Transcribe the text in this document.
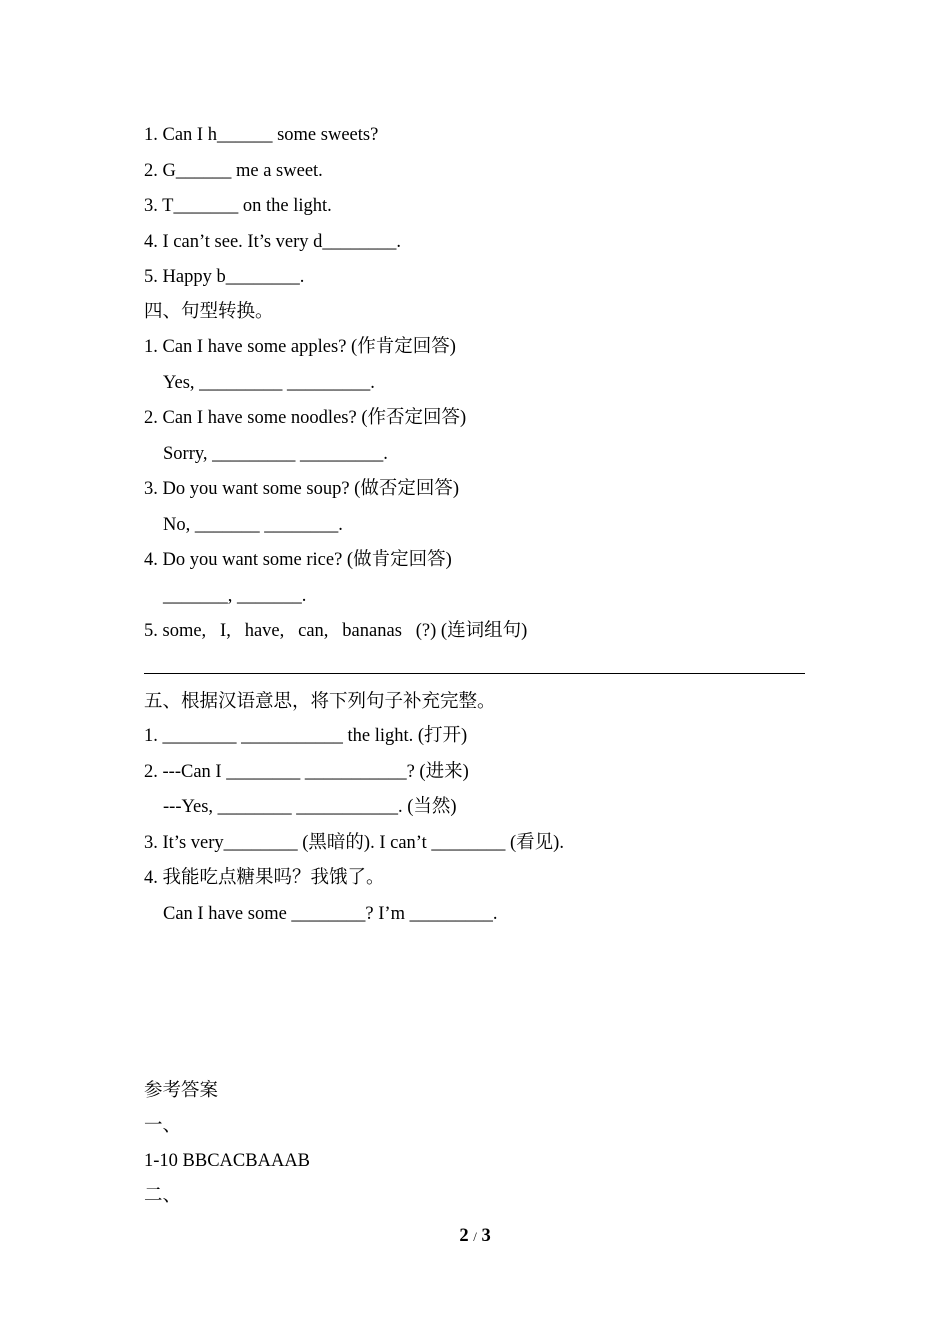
1. Can I h______ some sweets?
2. G______ me a sweet.
3. T_______ on the light.
4. I can’t see. It’s very d________.
5. Happy b________.
四、句型转换。
1. Can I have some apples? (作肯定回答)
Yes, _________ _________.
2. Can I have some noodles? (作否定回答)
Sorry, _________ _________.
3. Do you want some soup? (做否定回答)
No, _______ ________.
4. Do you want some rice? (做肯定回答)
_______, _______.
5. some,   I,   have,   can,   bananas   (?) (连词组句)
五、根据汉语意思，将下列句子补充完整。
1. ________ ___________ the light. (打开)
2. ---Can I ________ ___________? (进来)
---Yes, ________ ___________. (当然)
3. It’s very________ (黑暗的). I can’t ________ (看见).
4. 我能吃点糖果吗？我饿了。
Can I have some ________? I’m _________.
参考答案
一、
1-10 BBCACBAAAB
二、
2 / 3
